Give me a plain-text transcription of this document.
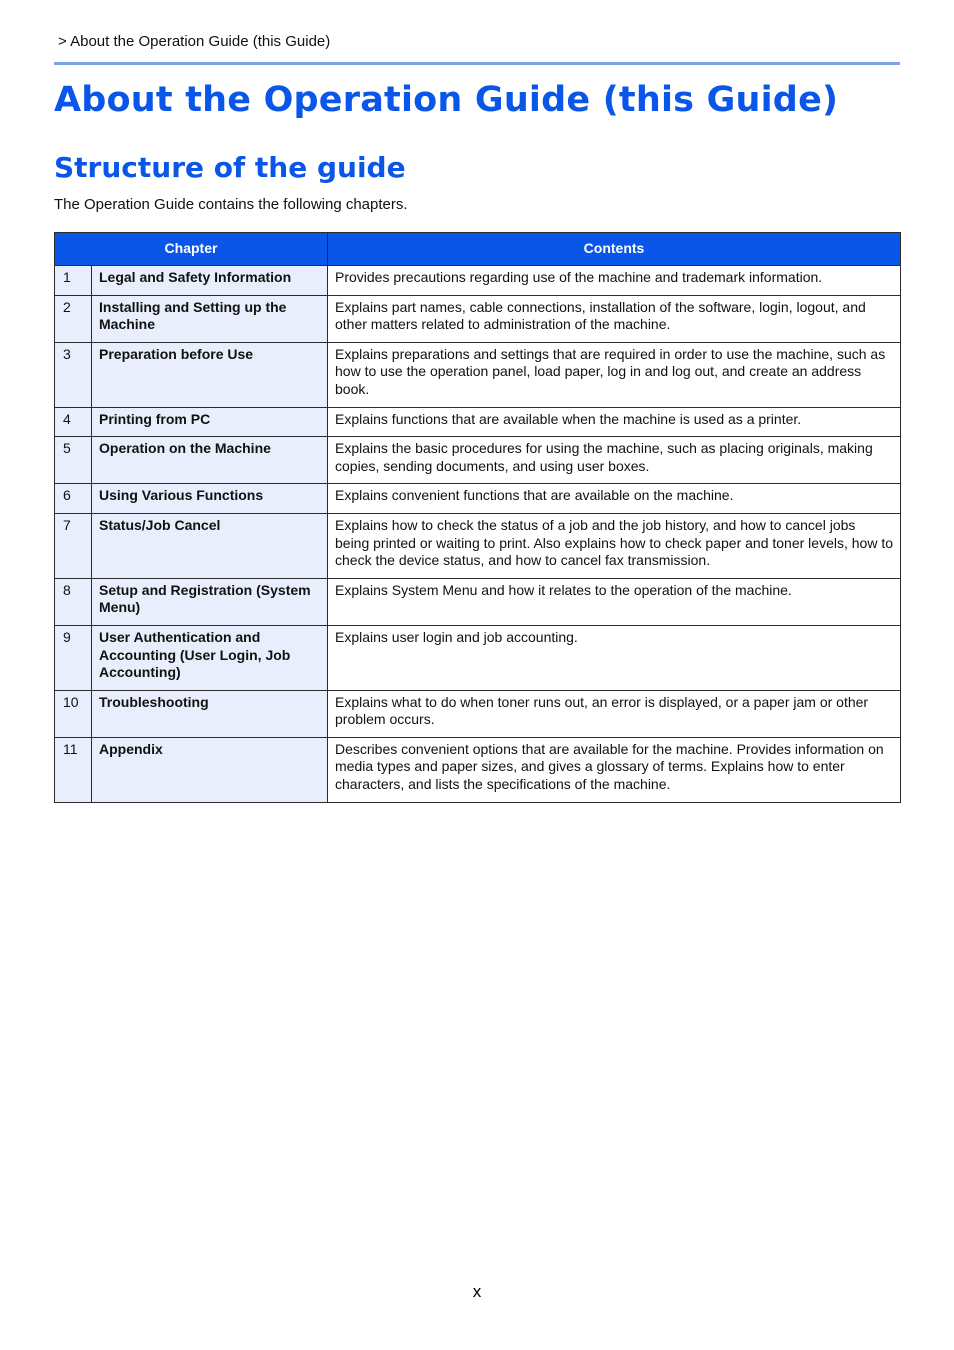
> About the Operation Guide (this Guide)
About the Operation Guide (this Guide)
Structure of the guide
The Operation Guide contains the following chapters.
Chapter		Contents
1	Legal and Safety Information	Provides precautions regarding use of the machine and trademark information.
2	Installing and Setting up the Machine	Explains part names, cable connections, installation of the software, login, logout, and other matters related to administration of the machine.
3	Preparation before Use	Explains preparations and settings that are required in order to use the machine, such as how to use the operation panel, load paper, log in and log out, and create an address book.
4	Printing from PC	Explains functions that are available when the machine is used as a printer.
5	Operation on the Machine	Explains the basic procedures for using the machine, such as placing originals, making copies, sending documents, and using user boxes.
6	Using Various Functions	Explains convenient functions that are available on the machine.
7	Status/Job Cancel	Explains how to check the status of a job and the job history, and how to cancel jobs being printed or waiting to print. Also explains how to check paper and toner levels, how to check the device status, and how to cancel fax transmission.
8	Setup and Registration (System Menu)	Explains System Menu and how it relates to the operation of the machine.
9	User Authentication and Accounting (User Login, Job Accounting)	Explains user login and job accounting.
10	Troubleshooting	Explains what to do when toner runs out, an error is displayed, or a paper jam or other problem occurs.
11	Appendix	Describes convenient options that are available for the machine. Provides information on media types and paper sizes, and gives a glossary of terms. Explains how to enter characters, and lists the specifications of the machine.
x
